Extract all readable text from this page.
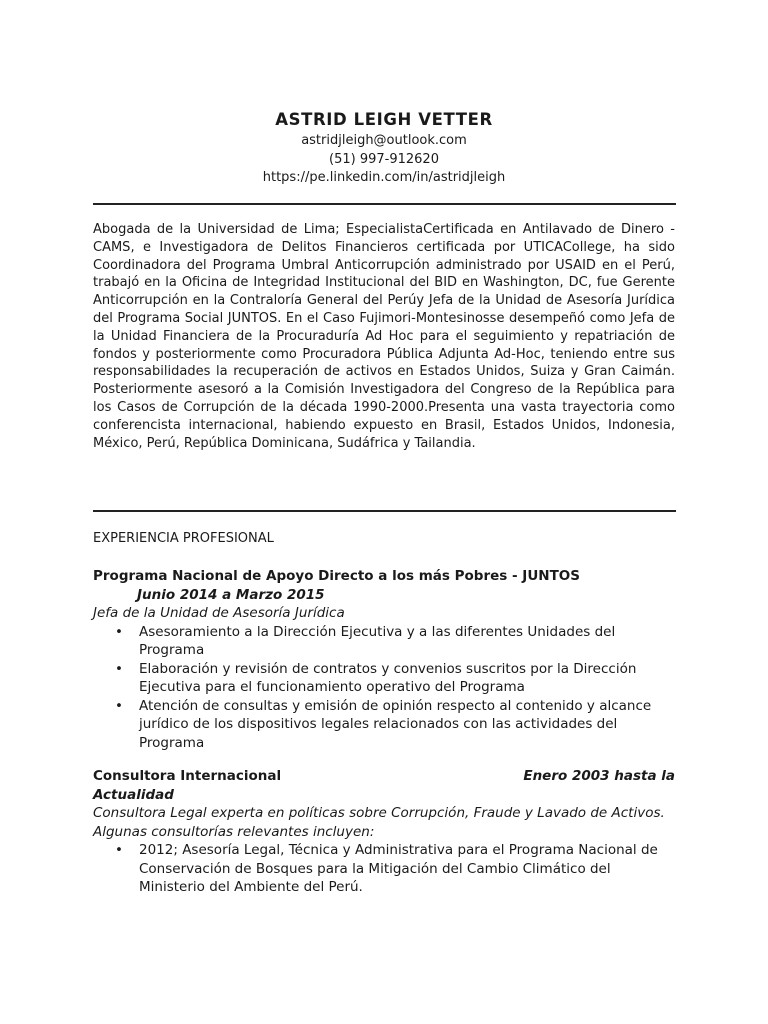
ASTRID LEIGH VETTER
astridjleigh@outlook.com
(51) 997-912620
https://pe.linkedin.com/in/astridjleigh

Abogada de la Universidad de Lima; EspecialistaCertificada en Antilavado de Dinero - CAMS, e Investigadora de Delitos Financieros certificada por UTICACollege, ha sido Coordinadora del Programa Umbral Anticorrupción administrado por USAID en el Perú, trabajó en la Oficina de Integridad Institucional del BID en Washington, DC, fue Gerente Anticorrupción en la Contraloría General del Perúy Jefa de la Unidad de Asesoría Jurídica del Programa Social JUNTOS. En el Caso Fujimori-Montesinosse desempeñó como Jefa de la Unidad Financiera de la Procuraduría Ad Hoc para el seguimiento y repatriación de fondos y posteriormente como Procuradora Pública Adjunta Ad-Hoc, teniendo entre sus responsabilidades la recuperación de activos en Estados Unidos, Suiza y Gran Caimán. Posteriormente asesoró a la Comisión Investigadora del Congreso de la República para los Casos de Corrupción de la década 1990-2000.Presenta una vasta trayectoria como conferencista internacional, habiendo expuesto en Brasil, Estados Unidos, Indonesia, México, Perú, República Dominicana, Sudáfrica y Tailandia.

EXPERIENCIA PROFESIONAL

Programa Nacional de Apoyo Directo a los más Pobres - JUNTOS
Junio 2014 a Marzo 2015
Jefa de la Unidad de Asesoría Jurídica
• Asesoramiento a la Dirección Ejecutiva y a las diferentes Unidades del Programa
• Elaboración y revisión de contratos y convenios suscritos por la Dirección Ejecutiva para el funcionamiento operativo del Programa
• Atención de consultas y emisión de opinión respecto al contenido y alcance jurídico de los dispositivos legales relacionados con las actividades del Programa
Consultora Internacional	Enero 2003 hasta la
Actualidad
Consultora Legal experta en políticas sobre Corrupción, Fraude y Lavado de Activos.
Algunas consultorías relevantes incluyen:
• 2012; Asesoría Legal, Técnica y Administrativa para el Programa Nacional de Conservación de Bosques para la Mitigación del Cambio Climático del Ministerio del Ambiente del Perú.
